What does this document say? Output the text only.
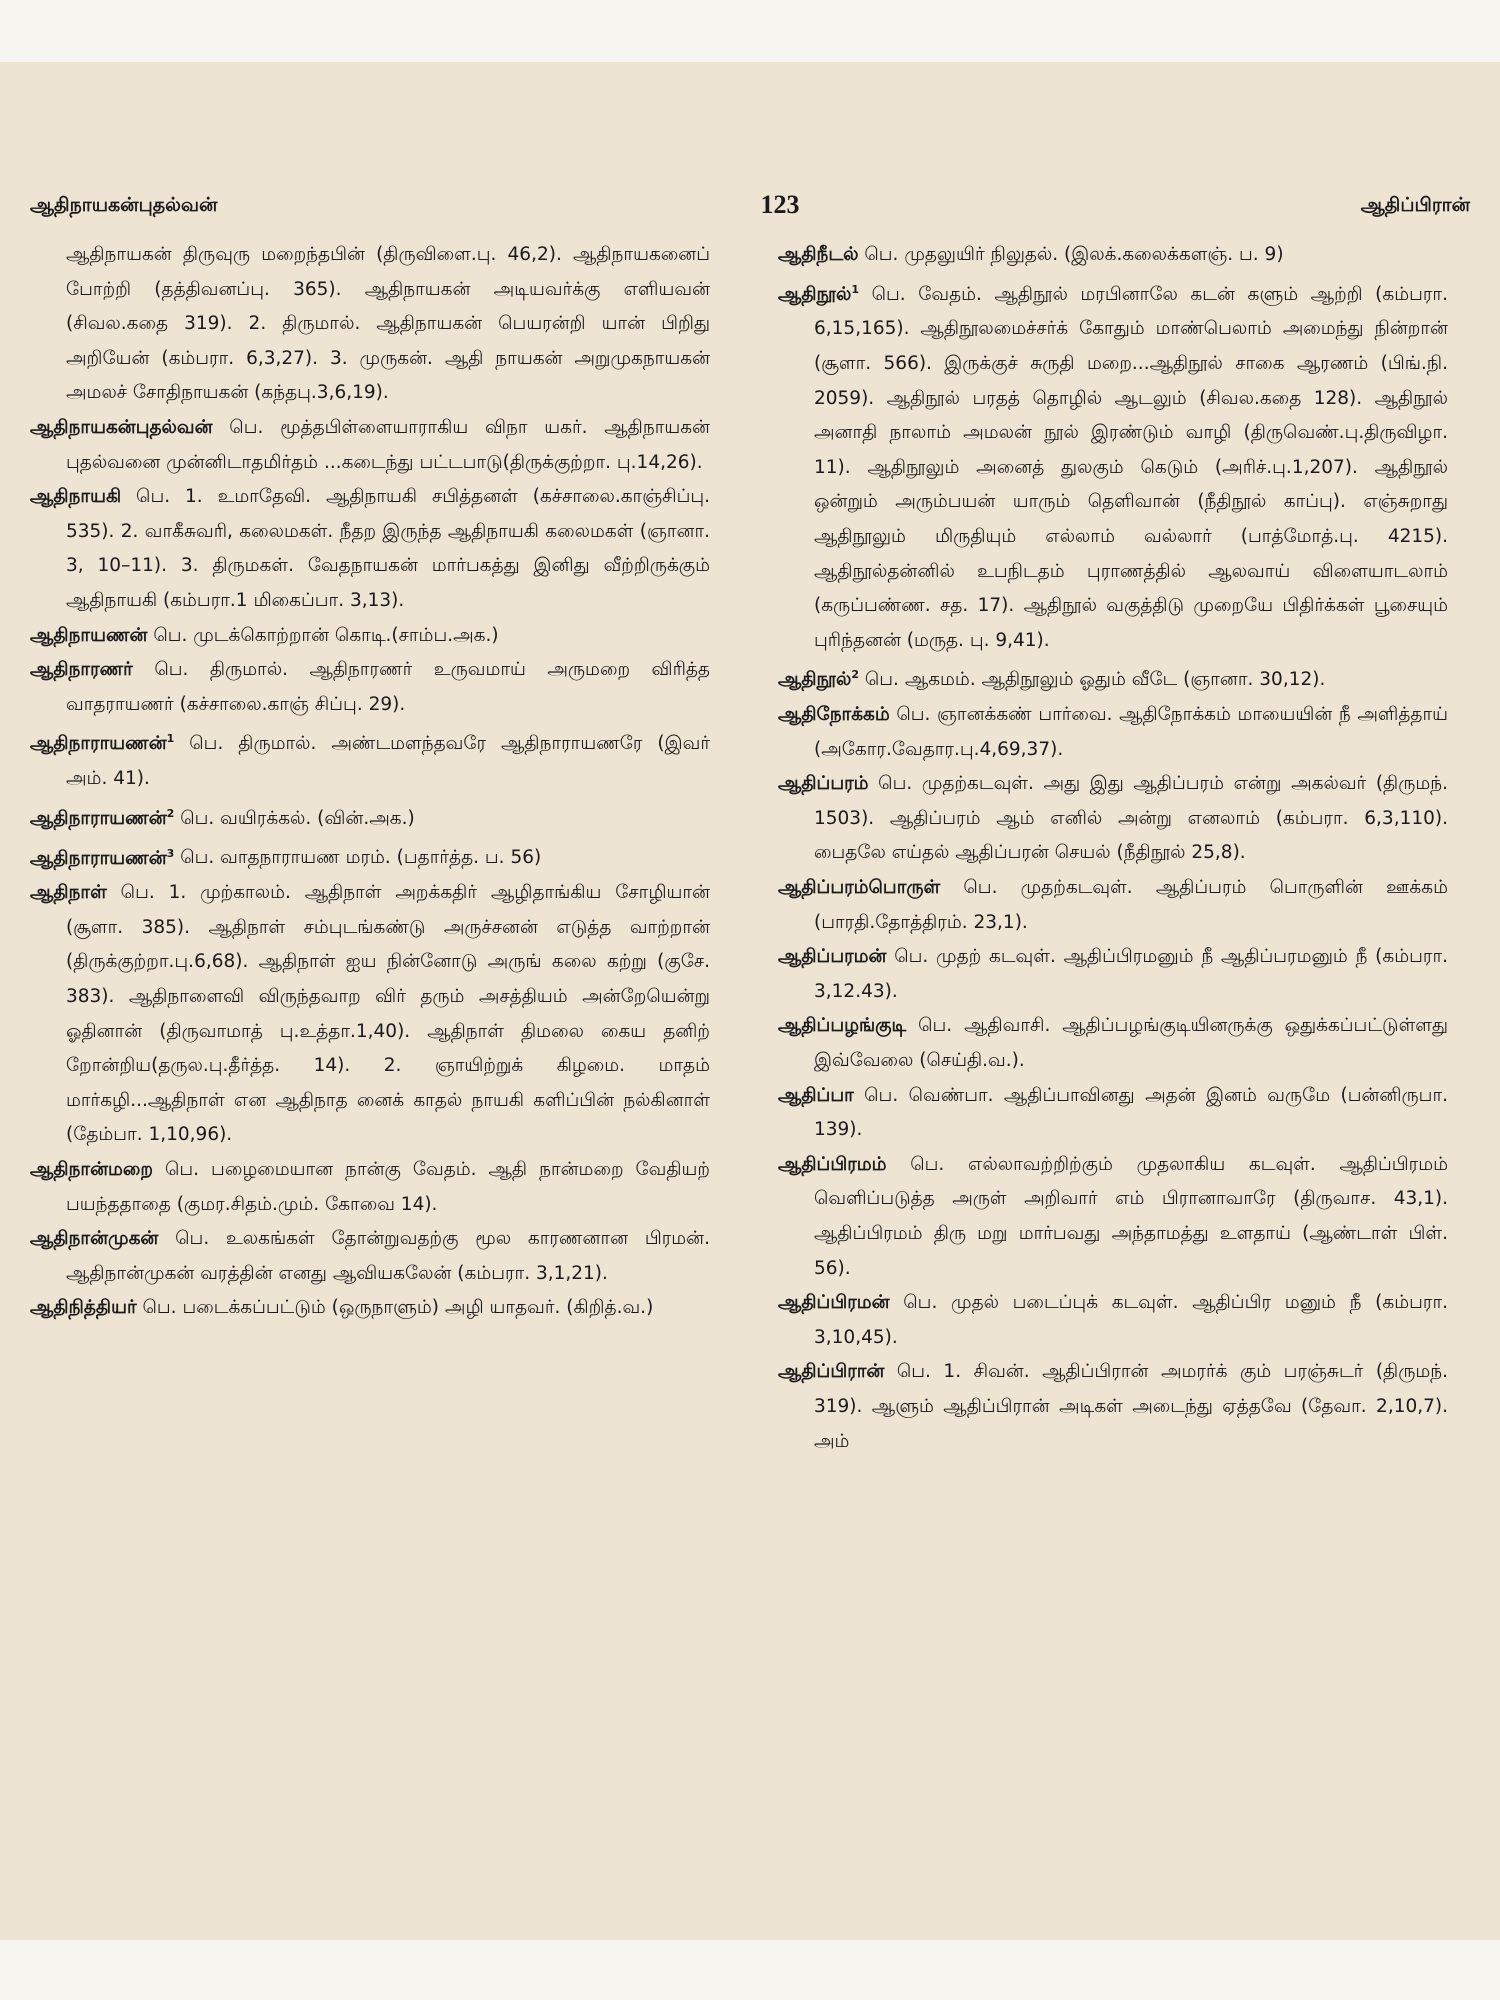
ஆதிநாயகன்புதல்வன்	123	ஆதிப்பிரான்

ஆதிநாயகன் திருவுரு மறைந்தபின் (திருவிளை.பு. 46,2). ஆதிநாயகனைப் போற்றி (தத்திவனப்பு. 365). ஆதிநாயகன் அடியவர்க்கு எளியவன் (சிவல.கதை 319). 2. திருமால். ஆதிநாயகன் பெயரன்றி யான் பிறிது அறியேன் (கம்பரா. 6,3,27). 3. முருகன். ஆதி நாயகன் அறுமுகநாயகன் அமலச் சோதிநாயகன் (கந்தபு.3,6,19).

ஆதிநாயகன்புதல்வன் பெ. மூத்தபிள்ளையாராகிய விநா யகர். ஆதிநாயகன் புதல்வனை முன்னிடாதமிர்தம் ...கடைந்து பட்டபாடு(திருக்குற்றா. பு.14,26).

ஆதிநாயகி பெ. 1. உமாதேவி. ஆதிநாயகி சபித்தனள் (கச்சாலை.காஞ்சிப்பு. 535). 2. வாகீசுவரி, கலைமகள். நீதற இருந்த ஆதிநாயகி கலைமகள் (ஞானா. 3, 10–11). 3. திருமகள். வேதநாயகன் மார்பகத்து இனிது வீற்றிருக்கும் ஆதிநாயகி (கம்பரா.1 மிகைப்பா. 3,13).

ஆதிநாயணன் பெ. முடக்கொற்றான் கொடி.(சாம்ப.அக.)

ஆதிநாரணர் பெ. திருமால். ஆதிநாரணர் உருவமாய் அருமறை விரித்த வாதராயணர் (கச்சாலை.காஞ் சிப்பு. 29).

ஆதிநாராயணன்$^1$ பெ. திருமால். அண்டமளந்தவரே ஆதிநாராயணரே (இவர் அம். 41).

ஆதிநாராயணன்$^2$ பெ. வயிரக்கல். (வின்.அக.)

ஆதிநாராயணன்$^3$ பெ. வாதநாராயண மரம். (பதார்த்த. ப. 56)

ஆதிநாள் பெ. 1. முற்காலம். ஆதிநாள் அறக்கதிர் ஆழிதாங்கிய சோழியான் (சூளா. 385). ஆதிநாள் சம்புடங்கண்டு அருச்சனன் எடுத்த வாற்றான் (திருக்குற்றா.பு.6,68). ஆதிநாள் ஐய நின்னோடு அருங் கலை கற்று (குசே. 383). ஆதிநாளைவி விருந்தவாற விர் தரும் அசத்தியம் அன்றேயென்று ஓதினான் (திருவாமாத் பு.உத்தா.1,40). ஆதிநாள் திமலை கைய தனிற் றோன்றிய(தருல.பு.தீர்த்த. 14). 2. ஞாயிற்றுக் கிழமை. மாதம் மார்கழி...ஆதிநாள் என ஆதிநாத னைக் காதல் நாயகி களிப்பின் நல்கினாள் (தேம்பா. 1,10,96).

ஆதிநான்மறை பெ. பழைமையான நான்கு வேதம். ஆதி நான்மறை வேதியற் பயந்ததாதை (குமர.சிதம்.மும். கோவை 14).

ஆதிநான்முகன் பெ. உலகங்கள் தோன்றுவதற்கு மூல காரணனான பிரமன். ஆதிநான்முகன் வரத்தின் எனது ஆவியகலேன் (கம்பரா. 3,1,21).

ஆதிநித்தியர் பெ. படைக்கப்பட்டும் (ஒருநாளும்) அழி யாதவர். (கிறித்.வ.)

ஆதிநீடல் பெ. முதலுயிர் நிலுதல். (இலக்.கலைக்களஞ். ப. 9)

ஆதிநூல்$^1$ பெ. வேதம். ஆதிநூல் மரபினாலே கடன் களும் ஆற்றி (கம்பரா. 6,15,165). ஆதிநூலமைச்சர்க் கோதும் மாண்பெலாம் அமைந்து நின்றான் (சூளா. 566). இருக்குச் சுருதி மறை...ஆதிநூல் சாகை ஆரணம் (பிங்.நி. 2059). ஆதிநூல் பரதத் தொழில் ஆடலும் (சிவல.கதை 128). ஆதிநூல் அனாதி நாலாம் அமலன் நூல் இரண்டும் வாழி (திருவெண்.பு.திருவிழா. 11). ஆதிநூலும் அனைத் துலகும் கெடும் (அரிச்.பு.1,207). ஆதிநூல் ஒன்றும் அரும்பயன் யாரும் தெளிவான் (நீதிநூல் காப்பு). எஞ்சுறாது ஆதிநூலும் மிருதியும் எல்லாம் வல்லார் (பாத்மோத்.பு. 4215). ஆதிநூல்தன்னில் உபநிடதம் புராணத்தில் ஆலவாய் விளையாடலாம் (கருப்பண்ண. சத. 17). ஆதிநூல் வகுத்திடு முறையே பிதிர்க்கள் பூசையும் புரிந்தனன் (மருத. பு. 9,41).

ஆதிநூல்$^2$ பெ. ஆகமம். ஆதிநூலும் ஓதும் வீடே (ஞானா. 30,12).

ஆதிநோக்கம் பெ. ஞானக்கண் பார்வை. ஆதிநோக்கம் மாயையின் நீ அளித்தாய் (அகோர.வேதார.பு.4,69,37).

ஆதிப்பரம் பெ. முதற்கடவுள். அது இது ஆதிப்பரம் என்று அகல்வர் (திருமந். 1503). ஆதிப்பரம் ஆம் எனில் அன்று எனலாம் (கம்பரா. 6,3,110). பைதலே எய்தல் ஆதிப்பரன் செயல் (நீதிநூல் 25,8).

ஆதிப்பரம்பொருள் பெ. முதற்கடவுள். ஆதிப்பரம் பொருளின் ஊக்கம் (பாரதி.தோத்திரம். 23,1).

ஆதிப்பரமன் பெ. முதற் கடவுள். ஆதிப்பிரமனும் நீ ஆதிப்பரமனும் நீ (கம்பரா. 3,12.43).

ஆதிப்பழங்குடி பெ. ஆதிவாசி. ஆதிப்பழங்குடியினருக்கு ஒதுக்கப்பட்டுள்ளது இவ்வேலை (செய்தி.வ.).

ஆதிப்பா பெ. வெண்பா. ஆதிப்பாவினது அதன் இனம் வருமே (பன்னிருபா. 139).

ஆதிப்பிரமம் பெ. எல்லாவற்றிற்கும் முதலாகிய கடவுள். ஆதிப்பிரமம் வெளிப்படுத்த அருள் அறிவார் எம் பிரானாவாரே (திருவாச. 43,1). ஆதிப்பிரமம் திரு மறு மார்பவது அந்தாமத்து உளதாய் (ஆண்டாள் பிள். 56).

ஆதிப்பிரமன் பெ. முதல் படைப்புக் கடவுள். ஆதிப்பிர மனும் நீ (கம்பரா. 3,10,45).

ஆதிப்பிரான் பெ. 1. சிவன். ஆதிப்பிரான் அமரர்க் கும் பரஞ்சுடர் (திருமந். 319). ஆளும் ஆதிப்பிரான் அடிகள் அடைந்து ஏத்தவே (தேவா. 2,10,7). அம்
